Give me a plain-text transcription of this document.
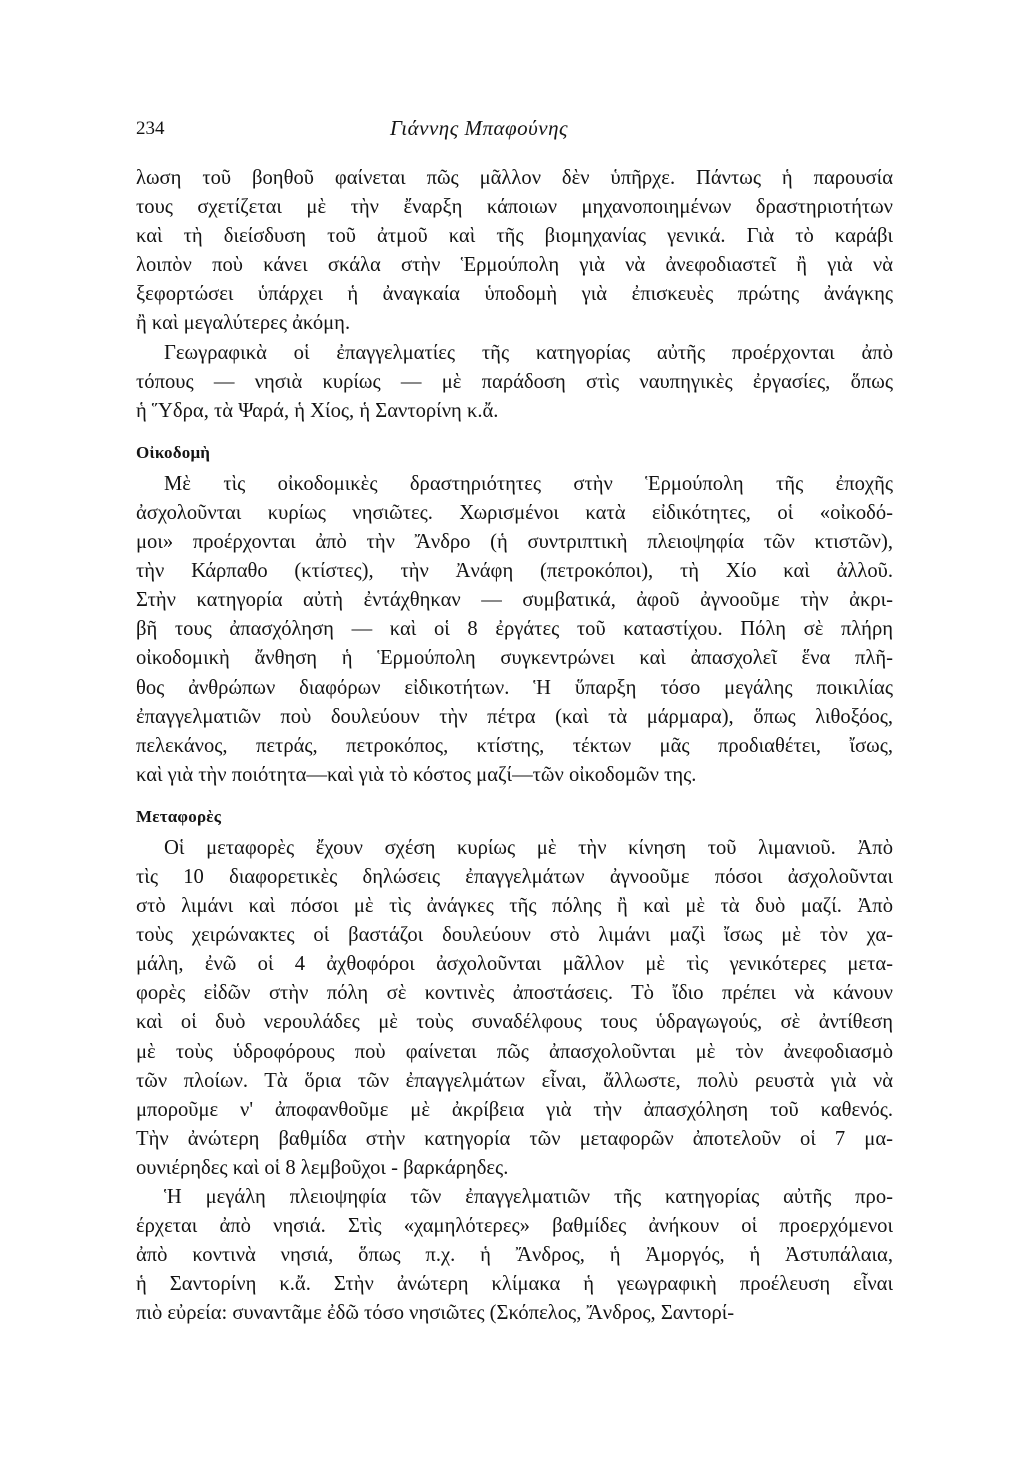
234	Γιάννης Μπαφούνης
λωση τοῦ βοηθοῦ φαίνεται πῶς μᾶλλον δὲν ὑπῆρχε. Πάντως ἡ παρουσία
τους σχετίζεται μὲ τὴν ἔναρξη κάποιων μηχανοποιημένων δραστηριοτήτων
καὶ τὴ διείσδυση τοῦ ἀτμοῦ καὶ τῆς βιομηχανίας γενικά. Γιὰ τὸ καράβι
λοιπὸν ποὺ κάνει σκάλα στὴν Ἑρμούπολη γιὰ νὰ ἀνεφοδιαστεῖ ἢ γιὰ νὰ
ξεφορτώσει ὑπάρχει ἡ ἀναγκαία ὑποδομὴ γιὰ ἐπισκευὲς πρώτης ἀνάγκης
ἢ καὶ μεγαλύτερες ἀκόμη.
Γεωγραφικὰ οἱ ἐπαγγελματίες τῆς κατηγορίας αὐτῆς προέρχονται ἀπὸ
τόπους — νησιὰ κυρίως — μὲ παράδοση στὶς ναυπηγικὲς ἐργασίες, ὅπως
ἡ Ὕδρα, τὰ Ψαρά, ἡ Χίος, ἡ Σαντορίνη κ.ἄ.
Οἰκοδομὴ
Μὲ τὶς οἰκοδομικὲς δραστηριότητες στὴν Ἑρμούπολη τῆς ἐποχῆς
ἀσχολοῦνται κυρίως νησιῶτες. Χωρισμένοι κατὰ εἰδικότητες, οἱ «οἰκοδό-
μοι» προέρχονται ἀπὸ τὴν Ἄνδρο (ἡ συντριπτικὴ πλειοψηφία τῶν κτιστῶν),
τὴν Κάρπαθο (κτίστες), τὴν Ἀνάφη (πετροκόποι), τὴ Χίο καὶ ἀλλοῦ.
Στὴν κατηγορία αὐτὴ ἐντάχθηκαν — συμβατικά, ἀφοῦ ἀγνοοῦμε τὴν ἀκρι-
βῆ τους ἀπασχόληση — καὶ οἱ 8 ἐργάτες τοῦ καταστίχου. Πόλη σὲ πλήρη
οἰκοδομικὴ ἄνθηση ἡ Ἑρμούπολη συγκεντρώνει καὶ ἀπασχολεῖ ἕνα πλῆ-
θος ἀνθρώπων διαφόρων εἰδικοτήτων. Ἡ ὕπαρξη τόσο μεγάλης ποικιλίας
ἐπαγγελματιῶν ποὺ δουλεύουν τὴν πέτρα (καὶ τὰ μάρμαρα), ὅπως λιθοξόος,
πελεκάνος, πετράς, πετροκόπος, κτίστης, τέκτων μᾶς προδιαθέτει, ἴσως,
καὶ γιὰ τὴν ποιότητα—καὶ γιὰ τὸ κόστος μαζί—τῶν οἰκοδομῶν της.
Μεταφορὲς
Οἱ μεταφορὲς ἔχουν σχέση κυρίως μὲ τὴν κίνηση τοῦ λιμανιοῦ. Ἀπὸ
τὶς 10 διαφορετικὲς δηλώσεις ἐπαγγελμάτων ἀγνοοῦμε πόσοι ἀσχολοῦνται
στὸ λιμάνι καὶ πόσοι μὲ τὶς ἀνάγκες τῆς πόλης ἢ καὶ μὲ τὰ δυὸ μαζί. Ἀπὸ
τοὺς χειρώνακτες οἱ βαστάζοι δουλεύουν στὸ λιμάνι μαζὶ ἴσως μὲ τὸν χα-
μάλη, ἐνῶ οἱ 4 ἀχθοφόροι ἀσχολοῦνται μᾶλλον μὲ τὶς γενικότερες μετα-
φορὲς εἰδῶν στὴν πόλη σὲ κοντινὲς ἀποστάσεις. Τὸ ἴδιο πρέπει νὰ κάνουν
καὶ οἱ δυὸ νερουλάδες μὲ τοὺς συναδέλφους τους ὑδραγωγούς, σὲ ἀντίθεση
μὲ τοὺς ὑδροφόρους ποὺ φαίνεται πῶς ἀπασχολοῦνται μὲ τὸν ἀνεφοδιασμὸ
τῶν πλοίων. Τὰ ὅρια τῶν ἐπαγγελμάτων εἶναι, ἄλλωστε, πολὺ ρευστὰ γιὰ νὰ
μποροῦμε ν' ἀποφανθοῦμε μὲ ἀκρίβεια γιὰ τὴν ἀπασχόληση τοῦ καθενός.
Τὴν ἀνώτερη βαθμίδα στὴν κατηγορία τῶν μεταφορῶν ἀποτελοῦν οἱ 7 μα-
ουνιέρηδες καὶ οἱ 8 λεμβοῦχοι - βαρκάρηδες.
Ἡ μεγάλη πλειοψηφία τῶν ἐπαγγελματιῶν τῆς κατηγορίας αὐτῆς προ-
έρχεται ἀπὸ νησιά. Στὶς «χαμηλότερες» βαθμίδες ἀνήκουν οἱ προερχόμενοι
ἀπὸ κοντινὰ νησιά, ὅπως π.χ. ἡ Ἄνδρος, ἡ Ἀμοργός, ἡ Ἀστυπάλαια,
ἡ Σαντορίνη κ.ἄ. Στὴν ἀνώτερη κλίμακα ἡ γεωγραφικὴ προέλευση εἶναι
πιὸ εὐρεία: συναντᾶμε ἐδῶ τόσο νησιῶτες (Σκόπελος, Ἄνδρος, Σαντορί-
